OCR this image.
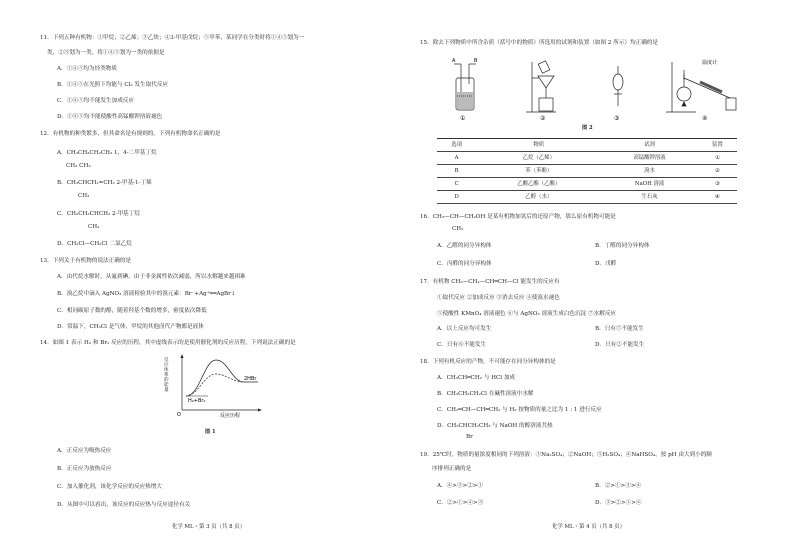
11．下列五种有机物：①甲烷；②乙烯；③乙炔；④3-甲基戊烷；⑤甲苯，某同学在分类时将①④⑤划为一
类，②③划为一类。将①④⑤划为一类的依据是
A．①④⑤均为烃类物质
B．①④⑤在光照下均能与 Cl₂ 发生取代反应
C．①④⑤均不能发生加成反应
D．①④⑤均不能使酸性高锰酸钾溶液褪色
12．有机物的种类繁多，但其命名是有规则的。下列有机物命名正确的是
A．CH₃CH₂CH₂CH₂ 1，4-二甲基丁烷
CH₃ CH₃
B．CH₃CHCH₂=CH₂ 2-甲基-1-丁烯
CH₃
C．CH₃CH₂CHCH₃ 2-甲基丁烷
CH₃
D．CH₂Cl—CH₂Cl 二氯乙烷
13．下列关于有机物的说法正确的是
A．由代烷水解时，从氟到碘，由于非金属性依次减弱，所以水解越来越困难
B．溴乙烷中滴入 AgNO₃ 溶液检验其中的溴元素：Br⁻+Ag⁺══AgBr↓
C．相同碳原子数的醇，随着羟基个数的增多，密度依次降低
D．常温下，CH₃Cl 是气体，甲烷的其他卤代产物都是液体
14．如图 1 表示 H₂ 和 Br₂ 反应的历程，其中虚线表示的是使用催化剂的反应历程，下列说法正确的是
2HBr
H₂+Br₂
反应历程
O
反应体系的能量
图 1
A．正反应为吸热反应
B．正反应为放热反应
C．加入催化剂，该化学反应的反应热增大
D．从图中可以看出，该反应的反应热与反应途径有关
化学 ML・第 3 页（共 8 页）
15．除去下列物质中所含杂质（括号中的物质）所选用的试剂和装置（如图 2 所示）均正确的是
A	B
①	②	③
温度计
④
图 2
选项	物质	试剂	装置
A	乙烷（乙烯）	高锰酸钾溶液	①
B	苯（苯酚）	溴水	②
C	乙酸乙酯（乙酸）	NaOH 溶液	③
D	乙醇（水）	生石灰	④
16．CH₃—CH—CH₂OH 是某有机物加氢后的还原产物，那么原有机物可能是
CH₃
A．乙醛的同分异构体	B．丁醛的同分异构体
C．丙醛的同分异构体	D．戊醛
17．有机物 CH₃—CH₂—CH═CH—Cl 能发生的反应有
①取代反应 ②加成反应 ③消去反应 ④使溴水褪色
⑤使酸性 KMnO₄ 溶液褪色 ⑥与 AgNO₃ 溶液生成白色沉淀 ⑦水解反应
A．以上反应均可发生	B．只有⑦不能发生
C．只有⑥不能发生	D．只有②不能发生
18．下列有机反应的产物，不可能存在同分异构体的是
A．CH₃CH═CH₂ 与 HCl 加成
B．CH₃CH₂CH₂Cl 在碱性溶液中水解
C．CH₂═CH—CH═CH₂ 与 H₂ 按物质的量之比为 1 : 1 进行反应
D．CH₃CHCH₂CH₃ 与 NaOH 的醇溶液共热
Br
19．25℃时，物质的量浓度相同的下列溶液：①Na₂SO₄；②NaOH；③H₂SO₄；④NaHSO₄，按 pH 由大到小的顺
序排列正确的是
A．④>③>②>①	B．②>①>③>④
C．②>①>④>③	D．③>②>①>④
化学 ML・第 4 页（共 8 页）
